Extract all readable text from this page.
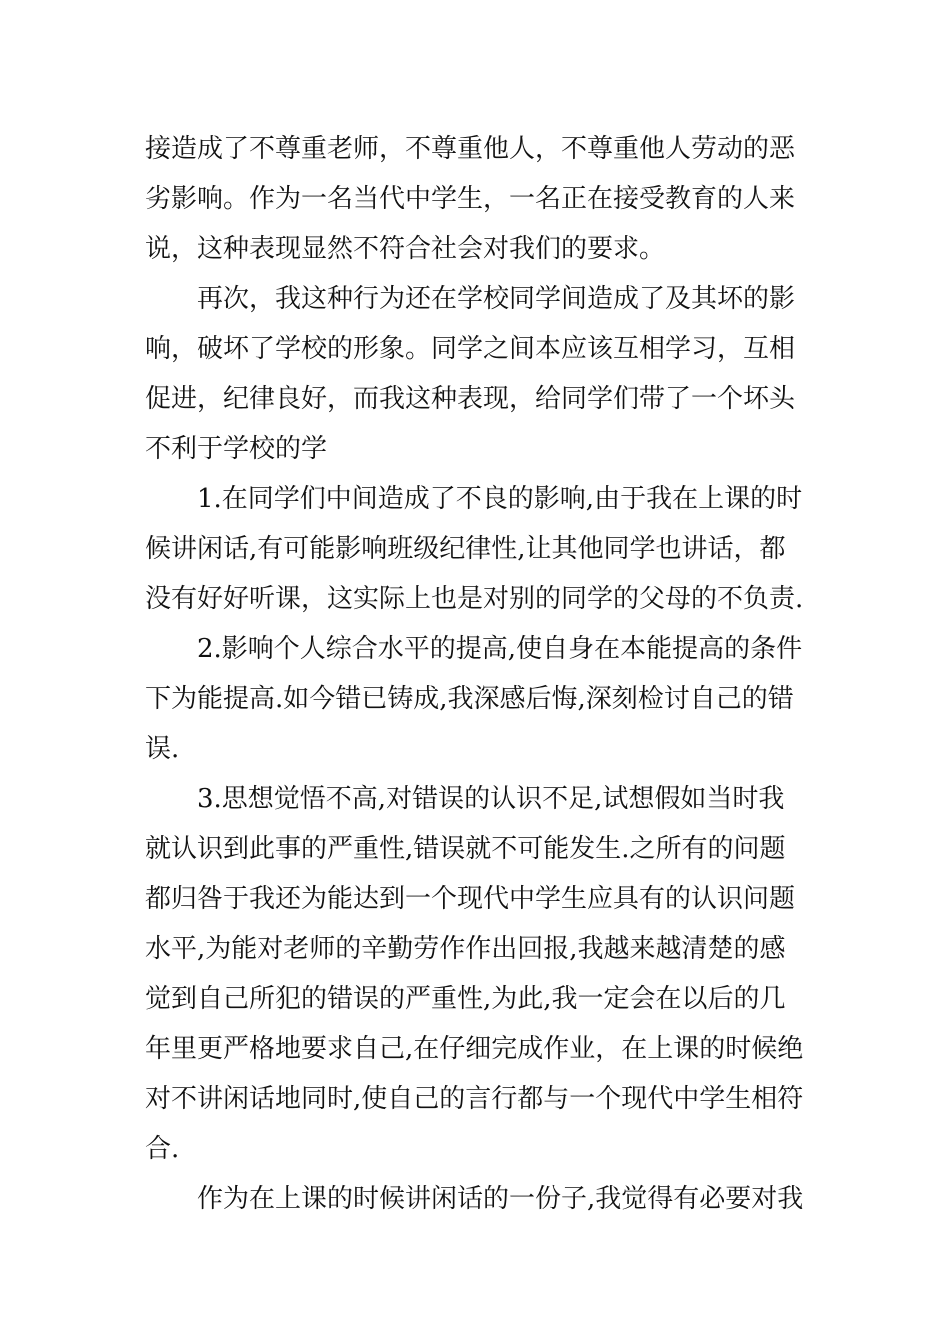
接造成了不尊重老师，不尊重他人，不尊重他人劳动的恶
劣影响。作为一名当代中学生，一名正在接受教育的人来
说，这种表现显然不符合社会对我们的要求。
再次，我这种行为还在学校同学间造成了及其坏的影
响，破坏了学校的形象。同学之间本应该互相学习，互相
促进，纪律良好，而我这种表现，给同学们带了一个坏头
不利于学校的学
1.在同学们中间造成了不良的影响,由于我在上课的时
候讲闲话,有可能影响班级纪律性,让其他同学也讲话，都
没有好好听课，这实际上也是对别的同学的父母的不负责.
2.影响个人综合水平的提高,使自身在本能提高的条件
下为能提高.如今错已铸成,我深感后悔,深刻检讨自己的错
误.
3.思想觉悟不高,对错误的认识不足,试想假如当时我
就认识到此事的严重性,错误就不可能发生.之所有的问题
都归咎于我还为能达到一个现代中学生应具有的认识问题
水平,为能对老师的辛勤劳作作出回报,我越来越清楚的感
觉到自己所犯的错误的严重性,为此,我一定会在以后的几
年里更严格地要求自己,在仔细完成作业，在上课的时候绝
对不讲闲话地同时,使自己的言行都与一个现代中学生相符
合.
作为在上课的时候讲闲话的一份子,我觉得有必要对我
